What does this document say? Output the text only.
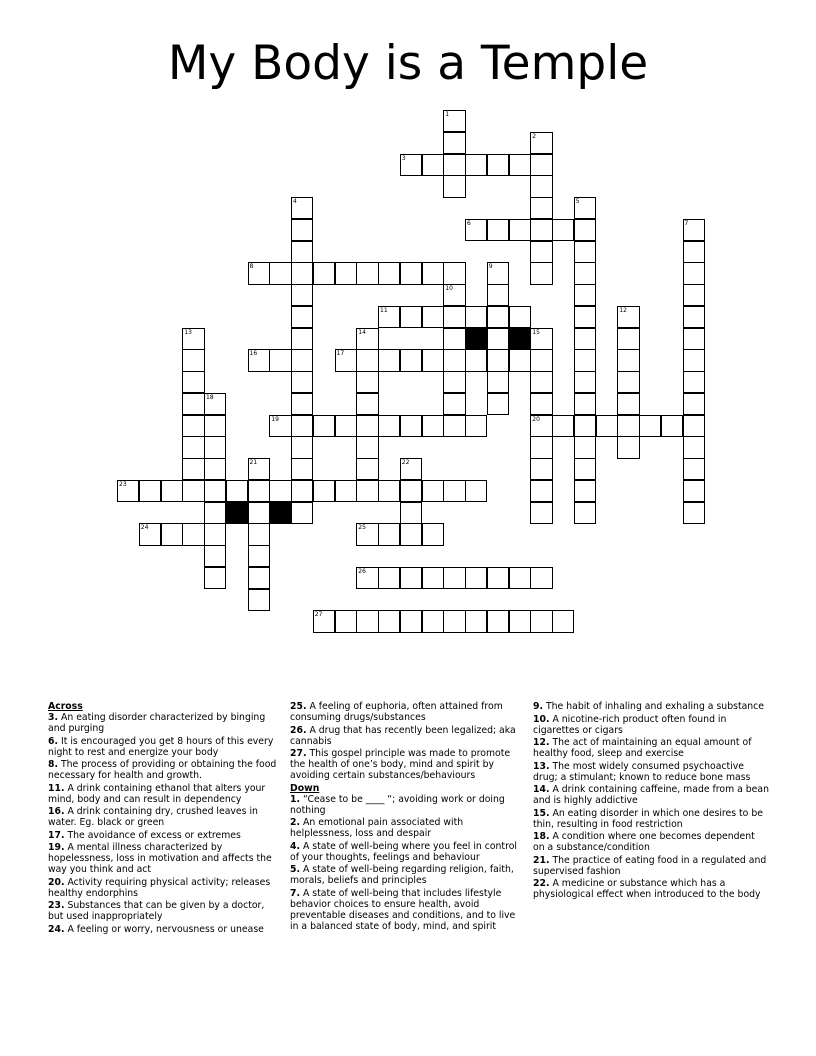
My Body is a Temple
3
6
8
11
16	17
19	20
23
24	25
26
27
1
2
4	5
7
9
10
12
13	14	15
18
21	22

Across

3. An eating disorder characterized by binging and purging

6. It is encouraged you get 8 hours of this every night to rest and energize your body

8. The process of providing or obtaining the food necessary for health and growth.

11. A drink containing ethanol that alters your mind, body and can result in dependency

16. A drink containing dry, crushed leaves in water. Eg. black or green

17. The avoidance of excess or extremes

19. A mental illness characterized by hopelessness, loss in motivation and affects the way you think and act

20. Activity requiring physical activity; releases healthy endorphins

23. Substances that can be given by a doctor, but used inappropriately

24. A feeling or worry, nervousness or unease

25. A feeling of euphoria, often attained from consuming drugs/substances

26. A drug that has recently been legalized; aka cannabis

27. This gospel principle was made to promote the health of one’s body, mind and spirit by avoiding certain substances/behaviours

Down

1. “Cease to be ____ “; avoiding work or doing nothing

2. An emotional pain associated with helplessness, loss and despair

4. A state of well-being where you feel in control of your thoughts, feelings and behaviour

5. A state of well-being regarding religion, faith, morals, beliefs and principles

7. A state of well-being that includes lifestyle behavior choices to ensure health, avoid preventable diseases and conditions, and to live in a balanced state of body, mind, and spirit

9. The habit of inhaling and exhaling a substance

10. A nicotine-rich product often found in cigarettes or cigars

12. The act of maintaining an equal amount of healthy food, sleep and exercise

13. The most widely consumed psychoactive drug; a stimulant; known to reduce bone mass

14. A drink containing caffeine, made from a bean and is highly addictive

15. An eating disorder in which one desires to be thin, resulting in food restriction

18. A condition where one becomes dependent on a substance/condition

21. The practice of eating food in a regulated and supervised fashion

22. A medicine or substance which has a physiological effect when introduced to the body
